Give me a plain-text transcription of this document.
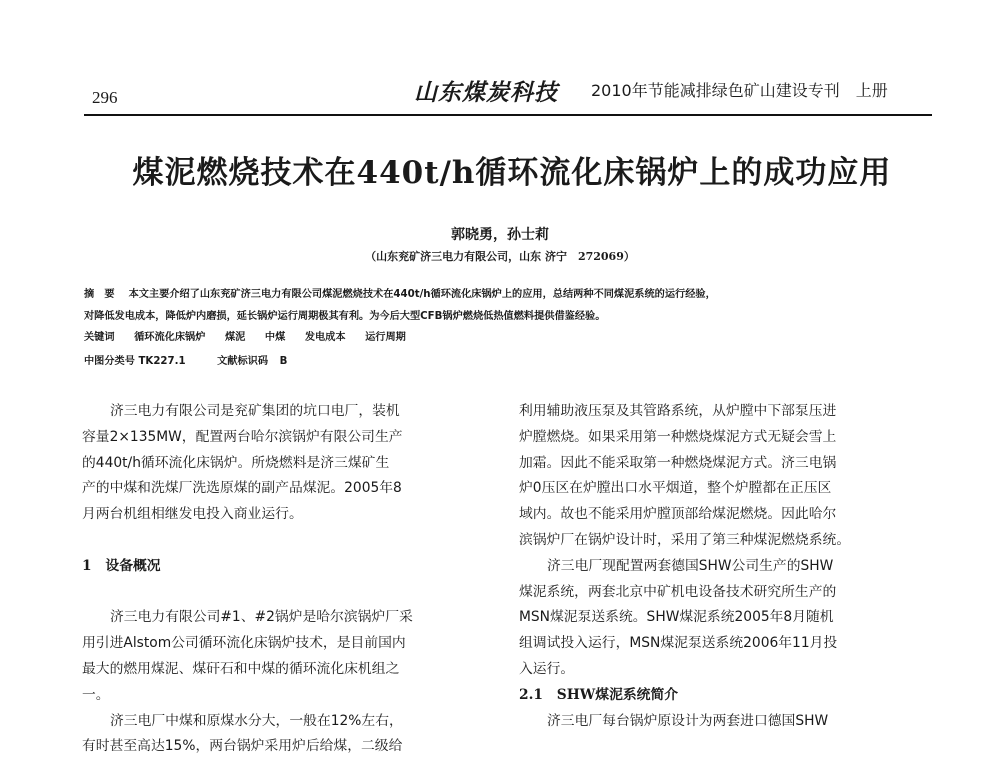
296	山东煤炭科技 2010年节能减排绿色矿山建设专刊　上册
煤泥燃烧技术在440t/h循环流化床锅炉上的成功应用
郭晓勇，孙士莉
（山东兖矿济三电力有限公司，山东 济宁　272069）
摘　要 本文主要介绍了山东兖矿济三电力有限公司煤泥燃烧技术在440t/h循环流化床锅炉上的应用，总结两种不同煤泥系统的运行经验，
对降低发电成本，降低炉内磨损，延长锅炉运行周期极其有利。为今后大型CFB锅炉燃烧低热值燃料提供借鉴经验。
关键词 循环流化床锅炉 煤泥 中煤 发电成本 运行周期
中图分类号 TK227.1	文献标识码 B
济三电力有限公司是兖矿集团的坑口电厂，装机
容量2×135MW，配置两台哈尔滨锅炉有限公司生产
的440t/h循环流化床锅炉。所烧燃料是济三煤矿生
产的中煤和洗煤厂洗选原煤的副产品煤泥。2005年8
月两台机组相继发电投入商业运行。
1　设备概况
济三电力有限公司#1、#2锅炉是哈尔滨锅炉厂采
用引进Alstom公司循环流化床锅炉技术，是目前国内
最大的燃用煤泥、煤矸石和中煤的循环流化床机组之
一。
济三电厂中煤和原煤水分大，一般在12%左右，
有时甚至高达15%，两台锅炉采用炉后给煤，二级给
利用辅助液压泵及其管路系统，从炉膛中下部泵压进
炉膛燃烧。如果采用第一种燃烧煤泥方式无疑会雪上
加霜。因此不能采取第一种燃烧煤泥方式。济三电锅
炉0压区在炉膛出口水平烟道，整个炉膛都在正压区
域内。故也不能采用炉膛顶部给煤泥燃烧。因此哈尔
滨锅炉厂在锅炉设计时，采用了第三种煤泥燃烧系统。
济三电厂现配置两套德国SHW公司生产的SHW
煤泥系统，两套北京中矿机电设备技术研究所生产的
MSN煤泥泵送系统。SHW煤泥系统2005年8月随机
组调试投入运行，MSN煤泥泵送系统2006年11月投
入运行。
2.1　SHW煤泥系统简介
济三电厂每台锅炉原设计为两套进口德国SHW
